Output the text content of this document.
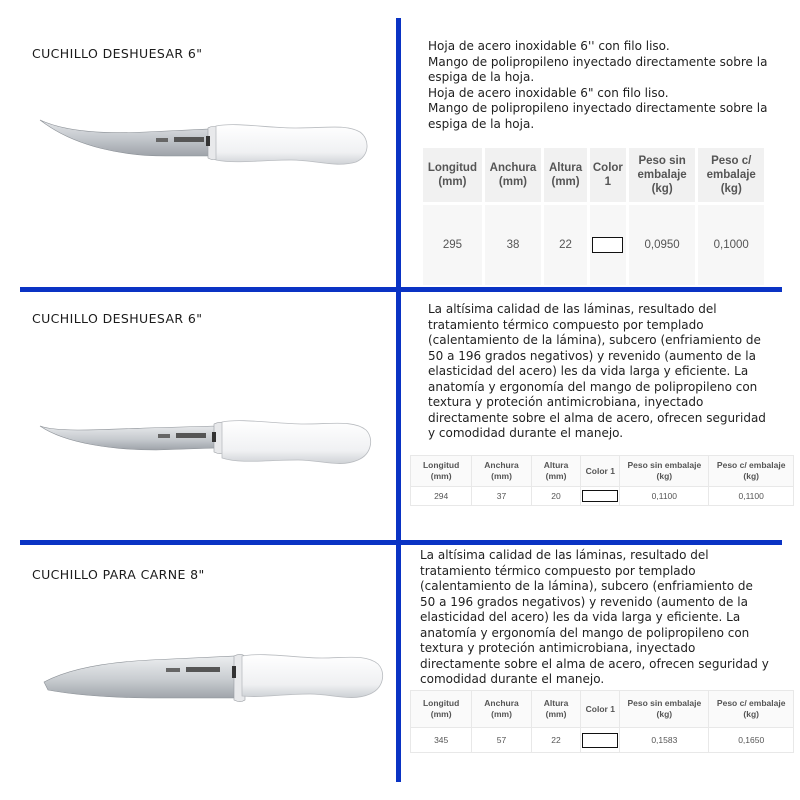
CUCHILLO DESHUESAR 6"	Hoja de acero inoxidable 6'' con filo liso.

Mango de polipropileno inyectado directamente sobre la espiga de la hoja.

Hoja de acero inoxidable 6" con filo liso.

Mango de polipropileno inyectado directamente sobre la espiga de la hoja.

Longitud (mm)	Anchura (mm)	Altura (mm)	Color 1	Peso sin embalaje (kg)	Peso c/ embalaje (kg)
295	38	22		0,0950	0,1000
CUCHILLO DESHUESAR 6"
La altísima calidad de las láminas, resultado del tratamiento térmico compuesto por templado (calentamiento de la lámina), subcero (enfriamiento de 50 a 196 grados negativos) y revenido (aumento de la elasticidad del acero) les da vida larga y eficiente. La anatomía y ergonomía del mango de polipropileno con textura y proteción antimicrobiana, inyectado directamente sobre el alma de acero, ofrecen seguridad y comodidad durante el manejo.
Longitud (mm)	Anchura (mm)	Altura (mm)	Color 1	Peso sin embalaje (kg)	Peso c/ embalaje (kg)
294	37	20		0,1100	0,1100
CUCHILLO PARA CARNE 8"
La altísima calidad de las láminas, resultado del tratamiento térmico compuesto por templado (calentamiento de la lámina), subcero (enfriamiento de 50 a 196 grados negativos) y revenido (aumento de la elasticidad del acero) les da vida larga y eficiente. La anatomía y ergonomía del mango de polipropileno con textura y proteción antimicrobiana, inyectado directamente sobre el alma de acero, ofrecen seguridad y comodidad durante el manejo.
Longitud (mm)	Anchura (mm)	Altura (mm)	Color 1	Peso sin embalaje (kg)	Peso c/ embalaje (kg)
345	57	22		0,1583	0,1650
